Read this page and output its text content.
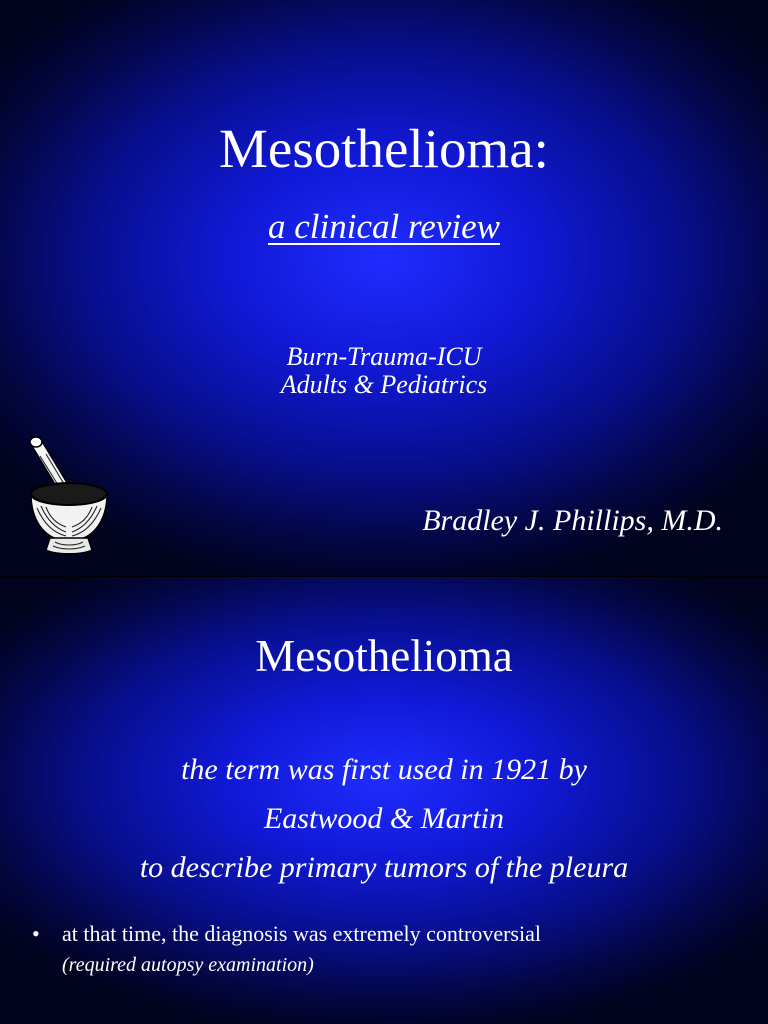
Mesothelioma:
a clinical review
Burn-Trauma-ICU
Adults & Pediatrics
Bradley J. Phillips, M.D.
Mesothelioma
the term was first used in 1921 by
Eastwood & Martin
to describe primary tumors of the pleura
• at that time, the diagnosis was extremely controversial
(required autopsy examination)
